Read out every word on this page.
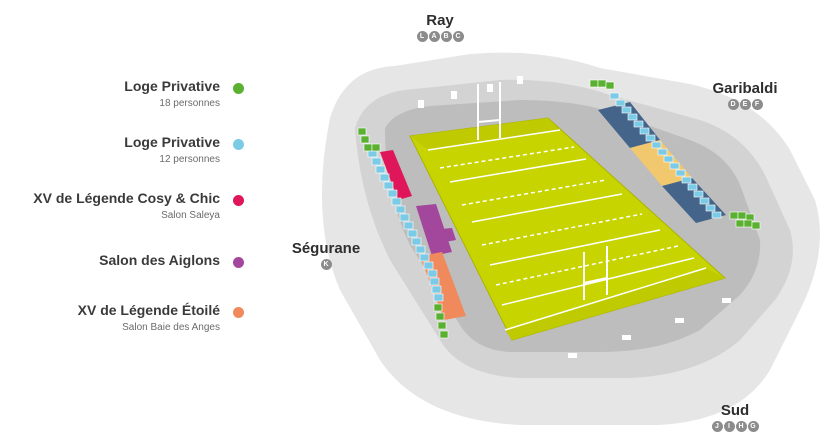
Loge Privative
18 personnes
Loge Privative
12 personnes
XV de Légende Cosy & Chic
Salon Saleya
Salon des Aiglons
XV de Légende Étoilé
Salon Baie des Anges
Ray
L	A B C
Garibaldi
D	E	F
Ségurane
K
Sud
J	I	H G
